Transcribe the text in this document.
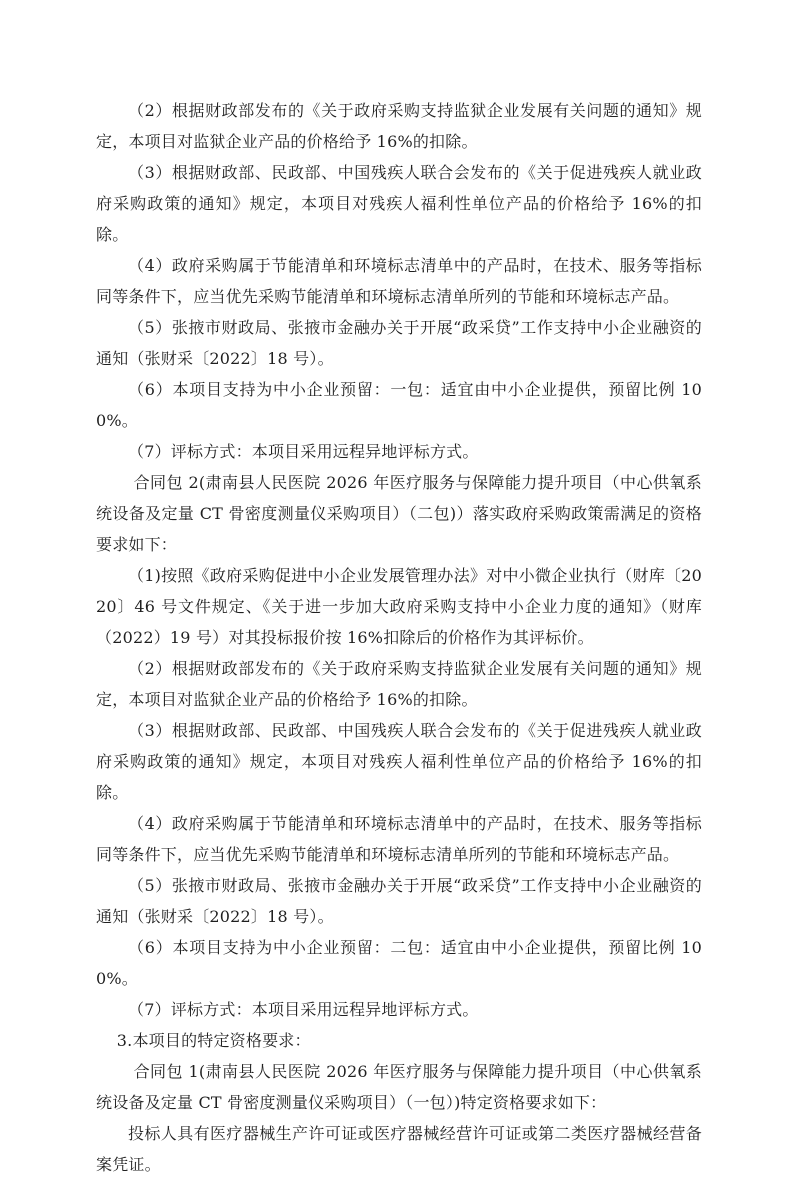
（2）根据财政部发布的《关于政府采购支持监狱企业发展有关问题的通知》规定，本项目对监狱企业产品的价格给予 16%的扣除。

（3）根据财政部、民政部、中国残疾人联合会发布的《关于促进残疾人就业政府采购政策的通知》规定，本项目对残疾人福利性单位产品的价格给予 16%的扣除。

（4）政府采购属于节能清单和环境标志清单中的产品时，在技术、服务等指标同等条件下，应当优先采购节能清单和环境标志清单所列的节能和环境标志产品。

（5）张掖市财政局、张掖市金融办关于开展“政采贷”工作支持中小企业融资的通知（张财采〔2022〕18 号）。

（6）本项目支持为中小企业预留：一包：适宜由中小企业提供，预留比例 100%。

（7）评标方式：本项目采用远程异地评标方式。

合同包 2(肃南县人民医院 2026 年医疗服务与保障能力提升项目（中心供氧系统设备及定量 CT 骨密度测量仪采购项目）（二包)）落实政府采购政策需满足的资格要求如下：

（1)按照《政府采购促进中小企业发展管理办法》对中小微企业执行（财库〔2020〕46 号文件规定、《关于进一步加大政府采购支持中小企业力度的通知》（财库（2022）19 号）对其投标报价按 16%扣除后的价格作为其评标价。

（2）根据财政部发布的《关于政府采购支持监狱企业发展有关问题的通知》规定，本项目对监狱企业产品的价格给予 16%的扣除。

（3）根据财政部、民政部、中国残疾人联合会发布的《关于促进残疾人就业政府采购政策的通知》规定，本项目对残疾人福利性单位产品的价格给予 16%的扣除。

（4）政府采购属于节能清单和环境标志清单中的产品时，在技术、服务等指标同等条件下，应当优先采购节能清单和环境标志清单所列的节能和环境标志产品。

（5）张掖市财政局、张掖市金融办关于开展“政采贷”工作支持中小企业融资的通知（张财采〔2022〕18 号）。

（6）本项目支持为中小企业预留：二包：适宜由中小企业提供，预留比例 100%。

（7）评标方式：本项目采用远程异地评标方式。

3.本项目的特定资格要求：

合同包 1(肃南县人民医院 2026 年医疗服务与保障能力提升项目（中心供氧系统设备及定量 CT 骨密度测量仪采购项目）（一包）)特定资格要求如下：

投标人具有医疗器械生产许可证或医疗器械经营许可证或第二类医疗器械经营备案凭证。
